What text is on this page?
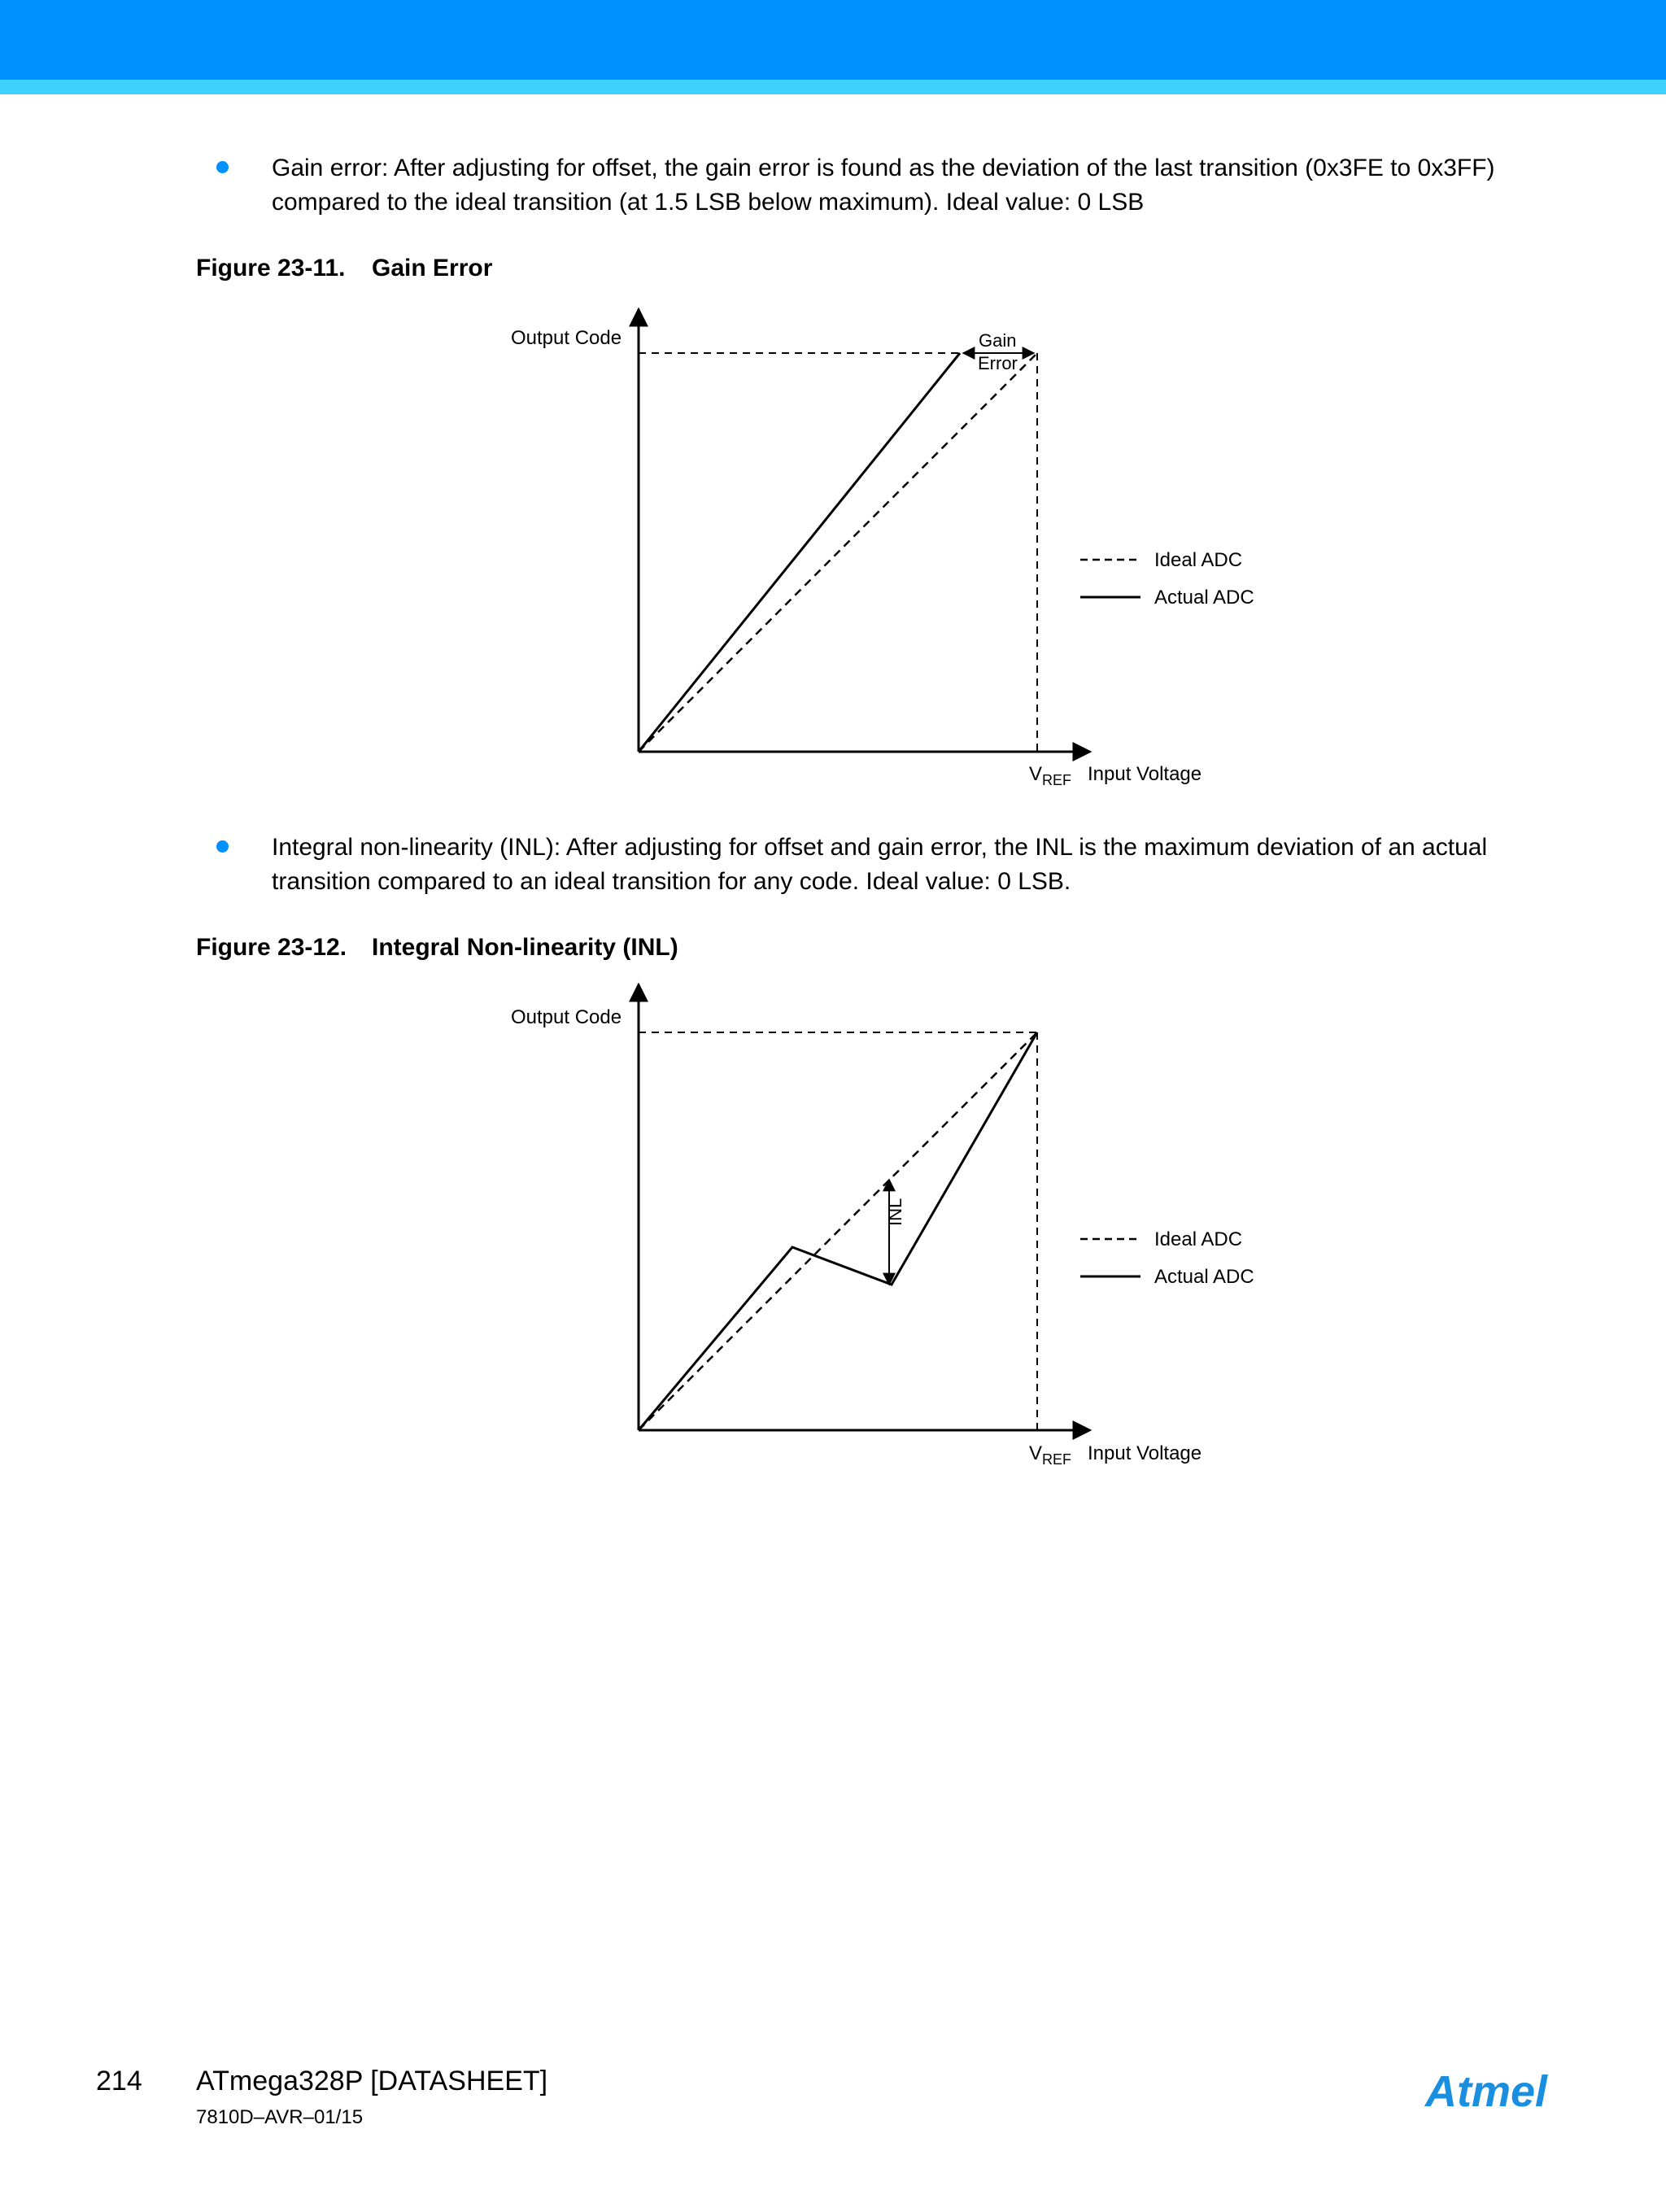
Gain error: After adjusting for offset, the gain error is found as the deviation of the last transition (0x3FE to 0x3FF)

compared to the ideal transition (at 1.5 LSB below maximum). Ideal value: 0 LSB

Figure 23-11. Gain Error
Output Code	Gain
Error
Ideal ADC
Actual ADC
$V_{REF}$ Input Voltage

Integral non-linearity (INL): After adjusting for offset and gain error, the INL is the maximum deviation of an actual

transition compared to an ideal transition for any code. Ideal value: 0 LSB.

Figure 23-12. Integral Non-linearity (INL)
Output Code
INL
Ideal ADC
Actual ADC
$V_{REF}$ Input Voltage
214 ATmega328P [DATASHEET]
7810D–AVR–01/15
Atmel
